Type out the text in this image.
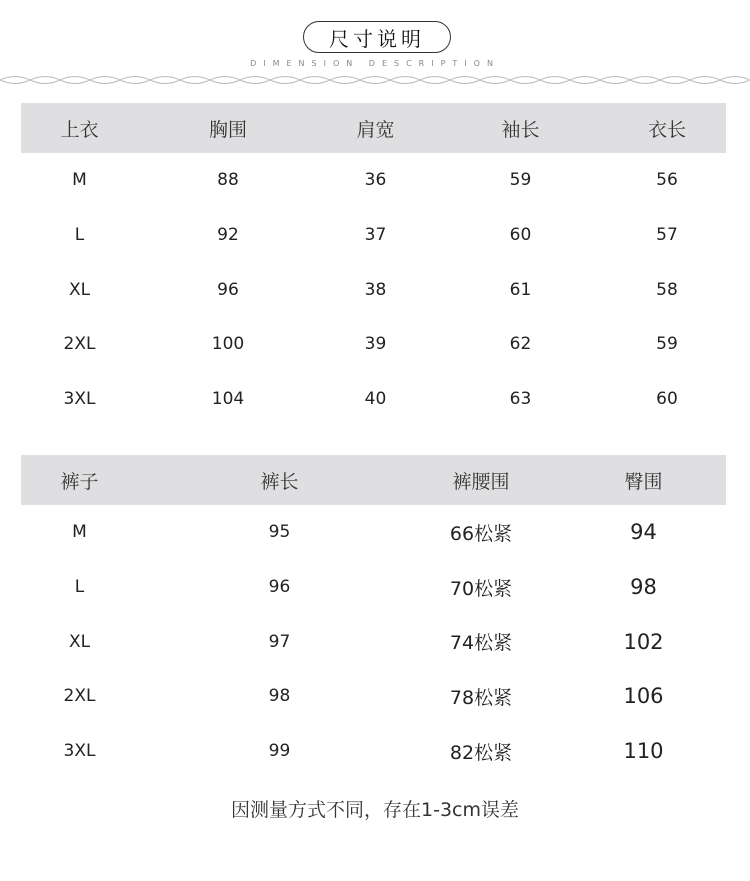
尺寸说明
DIMENSION DESCRIPTION
上衣	胸围	肩宽	袖长	衣长
M	88	36	59	56
L	92	37	60	57
XL	96	38	61	58
2XL	100	39	62	59
3XL	104	40	63	60
裤子	裤长	裤腰围	臀围
M	95	66松紧	94
L	96	70松紧	98
XL	97	74松紧	102
2XL	98	78松紧	106
3XL	99	82松紧	110
因测量方式不同，存在1-3cm误差
